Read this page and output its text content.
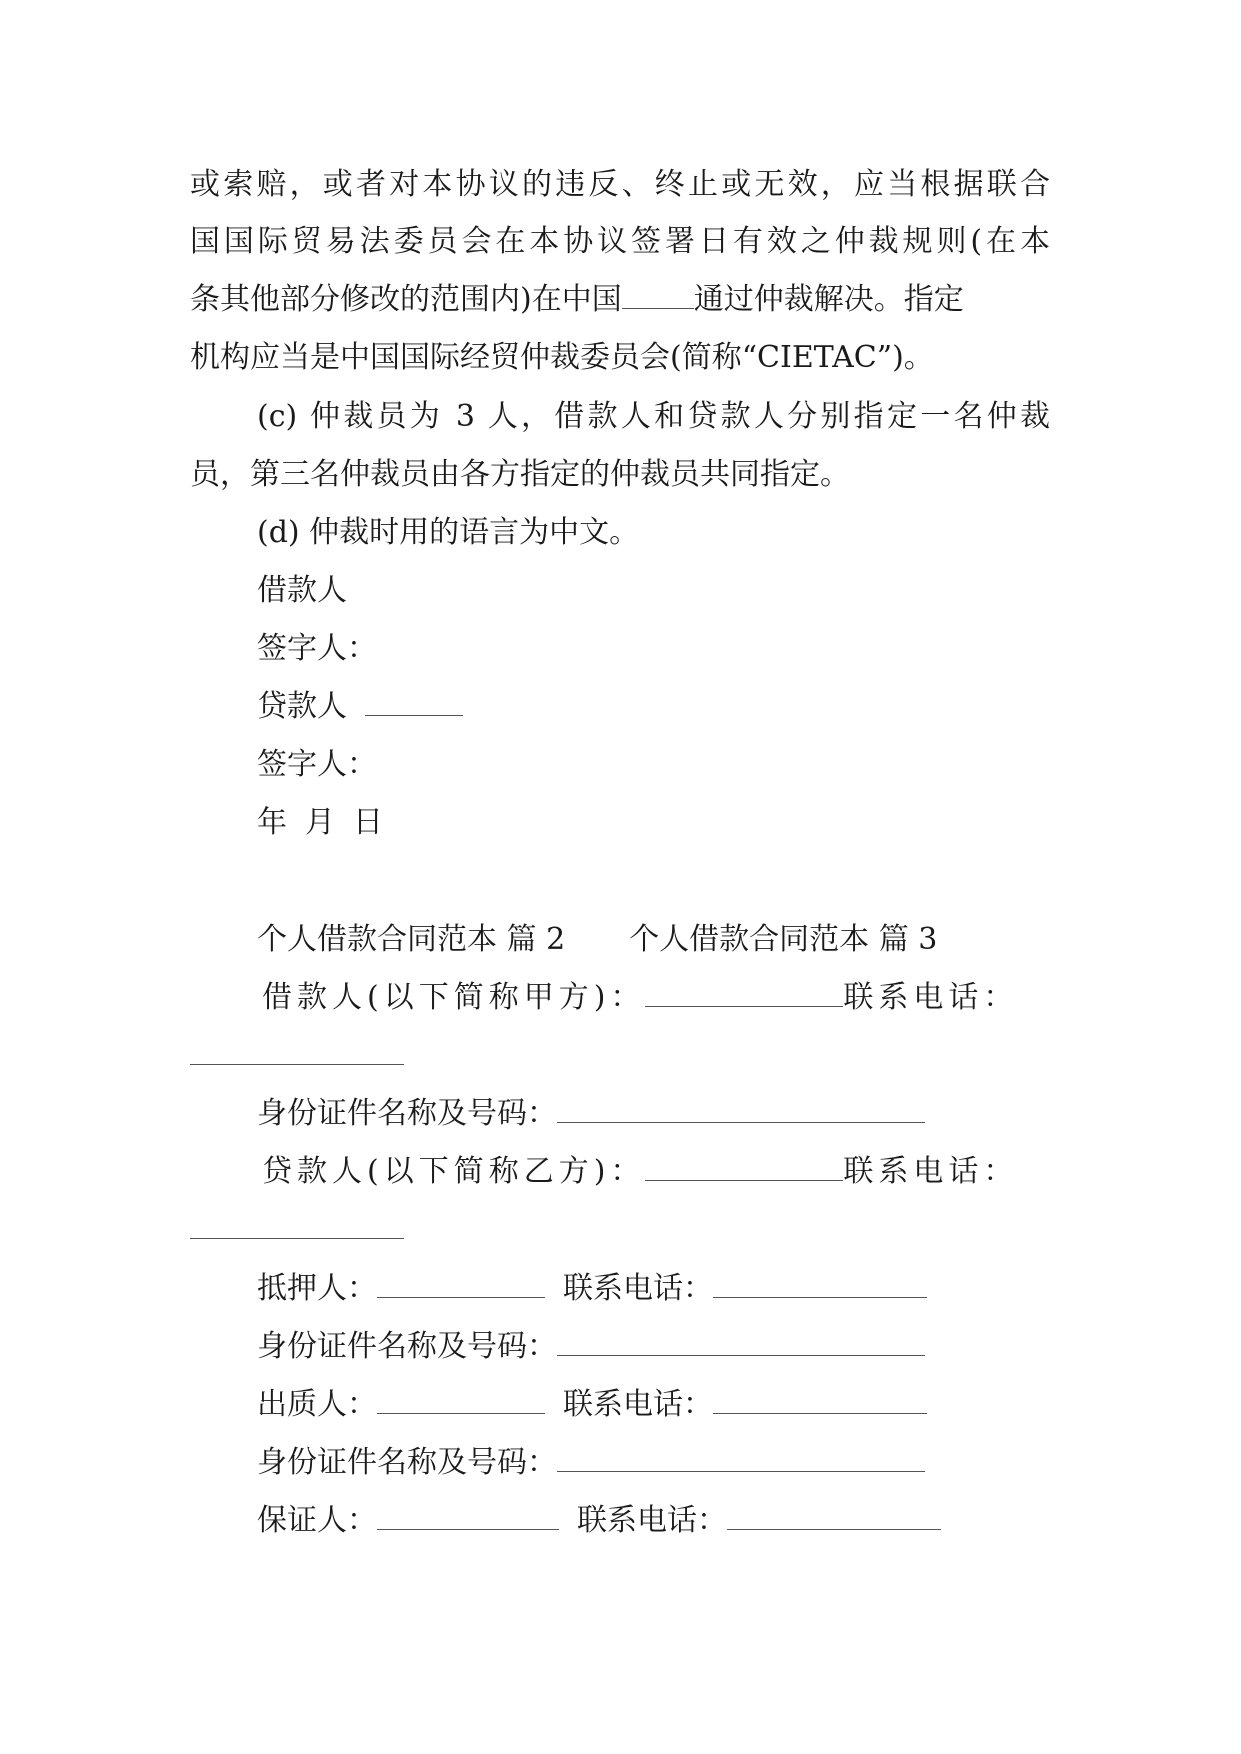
或索赔，或者对本协议的违反、终止或无效，应当根据联合

国国际贸易法委员会在本协议签署日有效之仲裁规则(在本

条其他部分修改的范围内)在中国 通过仲裁解决。指定

机构应当是中国国际经贸仲裁委员会(简称“CIETAC”)。

(c) 仲裁员为 3 人，借款人和贷款人分别指定一名仲裁

员，第三名仲裁员由各方指定的仲裁员共同指定。

(d) 仲裁时用的语言为中文。

借款人

签字人：

贷款人

签字人：

年 月 日
个人借款合同范本 篇 2 个人借款合同范本 篇 3
借款人(以下简称甲方)：	联系电话：
身份证件名称及号码：
贷款人(以下简称乙方)：	联系电话：
抵押人：	联系电话：
身份证件名称及号码：
出质人：	联系电话：
身份证件名称及号码：
保证人：	联系电话：
